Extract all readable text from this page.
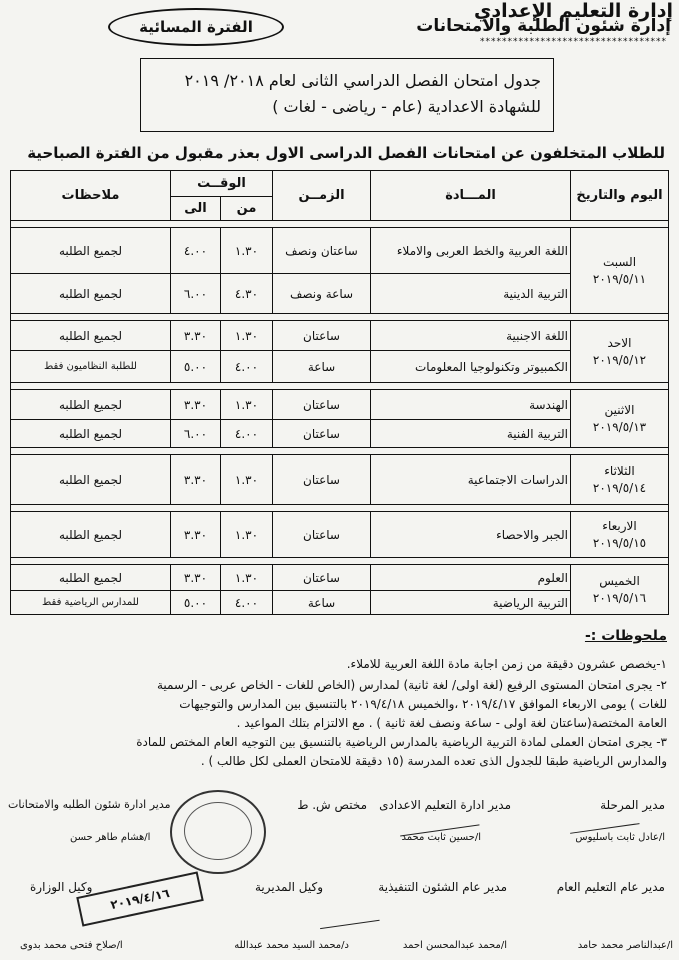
إدارة التعليم الإعدادي
إدارة شئون الطلبة والامتحانات
**********************************
الفترة المسائية
جدول امتحان الفصل الدراسي الثانى لعام ٢٠١٨/ ٢٠١٩
للشهادة الاعدادية (عام - رياضى - لغات )
للطلاب المتخلفون عن امتحانات الفصل الدراسى الاول بعذر مقبول من الفترة الصباحية
اليوم والتاريخ	المـــادة	الزمــن	الوقــت		ملاحظات
			من	الى	

السبت
٢٠١٩/٥/١١	اللغة العربية والخط العربى والاملاء	ساعتان ونصف	١.٣٠	٤.٠٠	لجميع الطلبه
	التربية الدينية	ساعة ونصف	٤.٣٠	٦.٠٠	لجميع الطلبه

الاحد
٢٠١٩/٥/١٢	اللغة الاجنبية	ساعتان	١.٣٠	٣.٣٠	لجميع الطلبه
	الكمبيوتر وتكنولوجيا المعلومات	ساعة	٤.٠٠	٥.٠٠	للطلبة النظاميون فقط

الاثنين
٢٠١٩/٥/١٣	الهندسة	ساعتان	١.٣٠	٣.٣٠	لجميع الطلبه
	التربية الفنية	ساعتان	٤.٠٠	٦.٠٠	لجميع الطلبه

الثلاثاء
٢٠١٩/٥/١٤	الدراسات الاجتماعية	ساعتان	١.٣٠	٣.٣٠	لجميع الطلبه

الاربعاء
٢٠١٩/٥/١٥	الجبر والاحصاء	ساعتان	١.٣٠	٣.٣٠	لجميع الطلبه

الخميس
٢٠١٩/٥/١٦	العلوم	ساعتان	١.٣٠	٣.٣٠	لجميع الطلبه
	التربية الرياضية	ساعة	٤.٠٠	٥.٠٠	للمدارس الرياضية فقط
ملحوظات :-
١-يخصص عشرون دقيقة من زمن اجابة مادة اللغة العربية للاملاء.
٢- يجرى امتحان المستوى الرفيع (لغة اولى/ لغة ثانية) لمدارس (الخاص للغات - الخاص عربى - الرسمية
للغات ) يومى الاربعاء الموافق ٢٠١٩/٤/١٧ ،والخميس ٢٠١٩/٤/١٨ بالتنسيق بين المدارس والتوجيهات
العامة المختصة(ساعتان لغة اولى - ساعة ونصف لغة ثانية ) . مع الالتزام بتلك المواعيد .
٣- يجرى امتحان العملى لمادة التربية الرياضية بالمدارس الرياضية بالتنسيق بين التوجيه العام المختص للمادة
والمدارس الرياضية طبقا للجدول الذى تعده المدرسة (١٥ دقيقة للامتحان العملى لكل طالب ) .
مدير المرحلة
مدير ادارة التعليم الاعدادى
مختص ش. ط
مدير ادارة شئون الطلبه والامتحانات
ا/عادل ثابت باسليوس
ا/حسين ثابت محمد
ا/هشام طاهر حسن
مدير عام التعليم العام
مدير عام الشئون التنفيذية
وكيل المديرية
وكيل الوزارة	٢٠١٩/٤/١٦
ا/عبدالناصر محمد حامد
ا/محمد عبدالمحسن احمد
د/محمد السيد محمد عبدالله
ا/صلاح فتحى محمد بدوى
